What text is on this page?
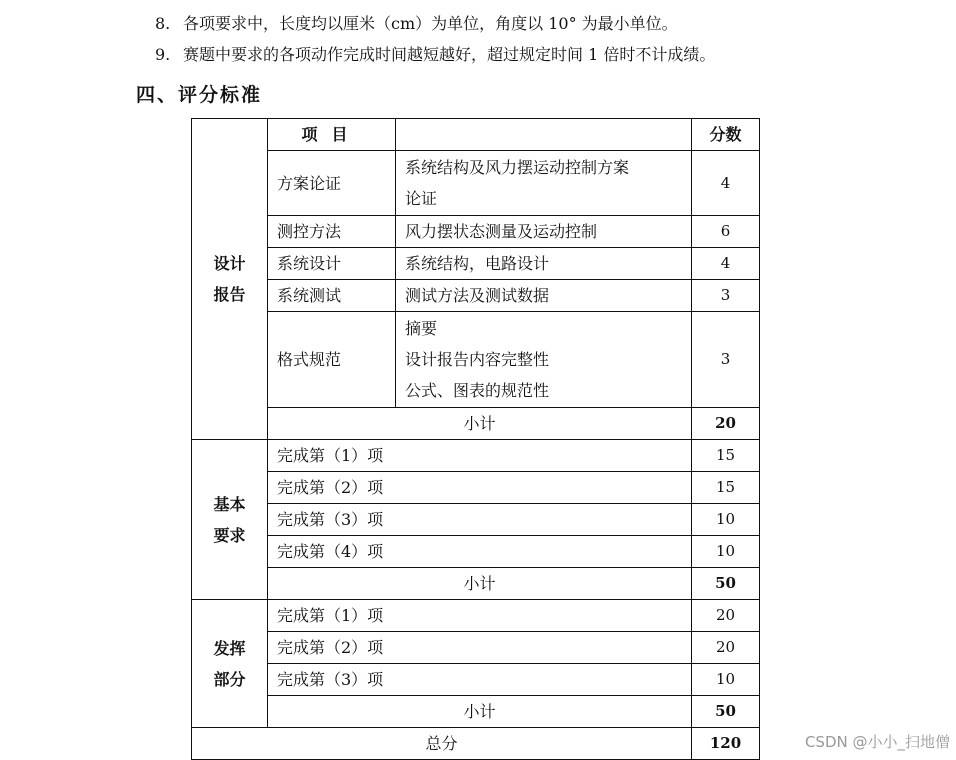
8. 各项要求中，长度均以厘米（cm）为单位，角度以 10° 为最小单位。
9. 赛题中要求的各项动作完成时间越短越好，超过规定时间 1 倍时不计成绩。
四、评分标准
设计
报告	项目		分数
	方案论证	系统结构及风力摆运动控制方案
论证	4
	测控方法	风力摆状态测量及运动控制	6
	系统设计	系统结构，电路设计	4
	系统测试	测试方法及测试数据	3
	格式规范	摘要
设计报告内容完整性
公式、图表的规范性	3
	小计		20

基本
要求	完成第（1）项		15
	完成第（2）项		15
	完成第（3）项		10
	完成第（4）项		10
	小计		50

发挥
部分	完成第（1）项		20
	完成第（2）项		20
	完成第（3）项		10
	小计		50
总分			120	CSDN @小小_扫地僧
